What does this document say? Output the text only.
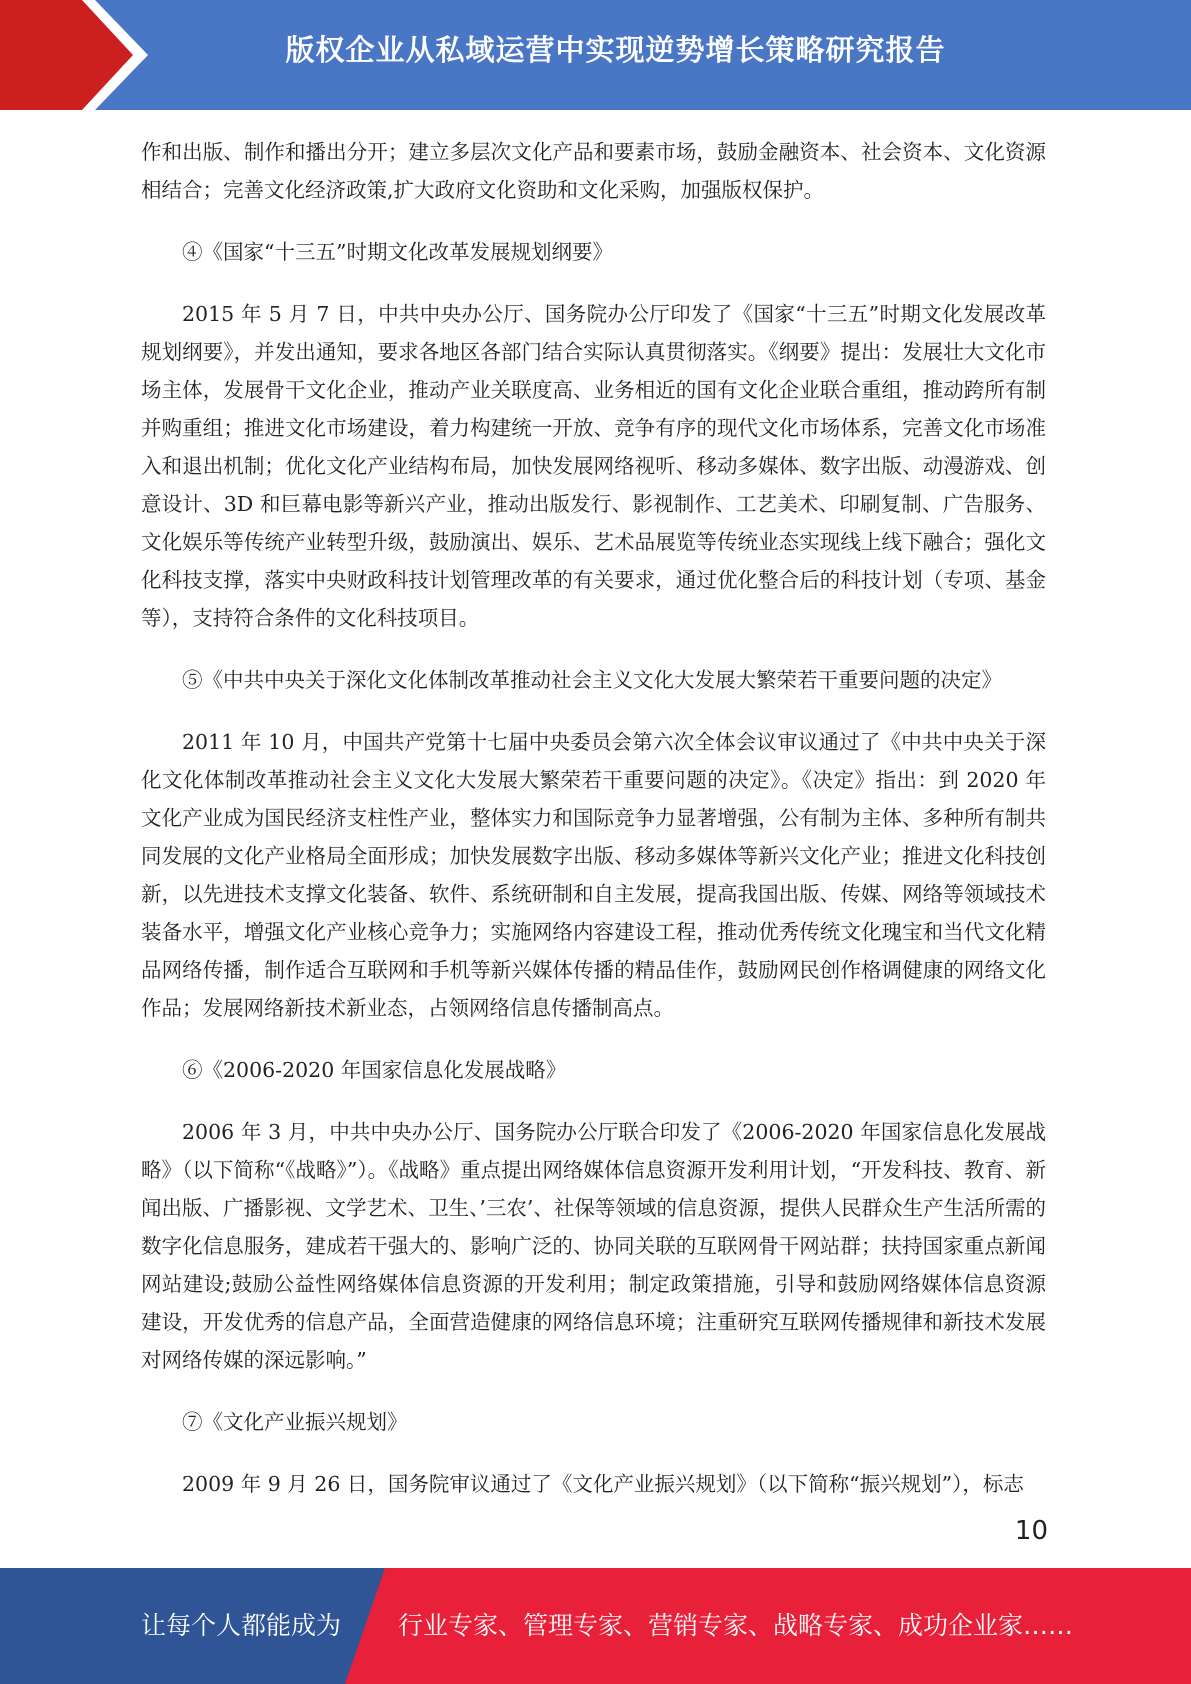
版权企业从私域运营中实现逆势增长策略研究报告

作和出版、制作和播出分开；建立多层次文化产品和要素市场，鼓励金融资本、社会资本、文化资源相结合；完善文化经济政策,扩大政府文化资助和文化采购，加强版权保护。

④《国家“十三五”时期文化改革发展规划纲要》

2015 年 5 月 7 日，中共中央办公厅、国务院办公厅印发了《国家“十三五”时期文化发展改革规划纲要》，并发出通知，要求各地区各部门结合实际认真贯彻落实。《纲要》提出：发展壮大文化市场主体，发展骨干文化企业，推动产业关联度高、业务相近的国有文化企业联合重组，推动跨所有制并购重组；推进文化市场建设，着力构建统一开放、竞争有序的现代文化市场体系，完善文化市场准入和退出机制；优化文化产业结构布局，加快发展网络视听、移动多媒体、数字出版、动漫游戏、创意设计、3D 和巨幕电影等新兴产业，推动出版发行、影视制作、工艺美术、印刷复制、广告服务、文化娱乐等传统产业转型升级，鼓励演出、娱乐、艺术品展览等传统业态实现线上线下融合；强化文化科技支撑，落实中央财政科技计划管理改革的有关要求，通过优化整合后的科技计划（专项、基金等），支持符合条件的文化科技项目。

⑤《中共中央关于深化文化体制改革推动社会主义文化大发展大繁荣若干重要问题的决定》

2011 年 10 月，中国共产党第十七届中央委员会第六次全体会议审议通过了《中共中央关于深化文化体制改革推动社会主义文化大发展大繁荣若干重要问题的决定》。《决定》指出：到 2020 年文化产业成为国民经济支柱性产业，整体实力和国际竞争力显著增强，公有制为主体、多种所有制共同发展的文化产业格局全面形成；加快发展数字出版、移动多媒体等新兴文化产业；推进文化科技创新，以先进技术支撑文化装备、软件、系统研制和自主发展，提高我国出版、传媒、网络等领域技术装备水平，增强文化产业核心竞争力；实施网络内容建设工程，推动优秀传统文化瑰宝和当代文化精品网络传播，制作适合互联网和手机等新兴媒体传播的精品佳作，鼓励网民创作格调健康的网络文化作品；发展网络新技术新业态，占领网络信息传播制高点。

⑥《2006-2020 年国家信息化发展战略》

2006 年 3 月，中共中央办公厅、国务院办公厅联合印发了《2006-2020 年国家信息化发展战略》（以下简称“《战略》”）。《战略》重点提出网络媒体信息资源开发利用计划，“开发科技、教育、新闻出版、广播影视、文学艺术、卫生、’三农’、社保等领域的信息资源，提供人民群众生产生活所需的数字化信息服务，建成若干强大的、影响广泛的、协同关联的互联网骨干网站群；扶持国家重点新闻网站建设;鼓励公益性网络媒体信息资源的开发利用；制定政策措施，引导和鼓励网络媒体信息资源建设，开发优秀的信息产品，全面营造健康的网络信息环境；注重研究互联网传播规律和新技术发展对网络传媒的深远影响。”

⑦《文化产业振兴规划》

2009 年 9 月 26 日，国务院审议通过了《文化产业振兴规划》（以下简称“振兴规划”），标志

10
让每个人都能成为 行业专家、管理专家、营销专家、战略专家、成功企业家……
